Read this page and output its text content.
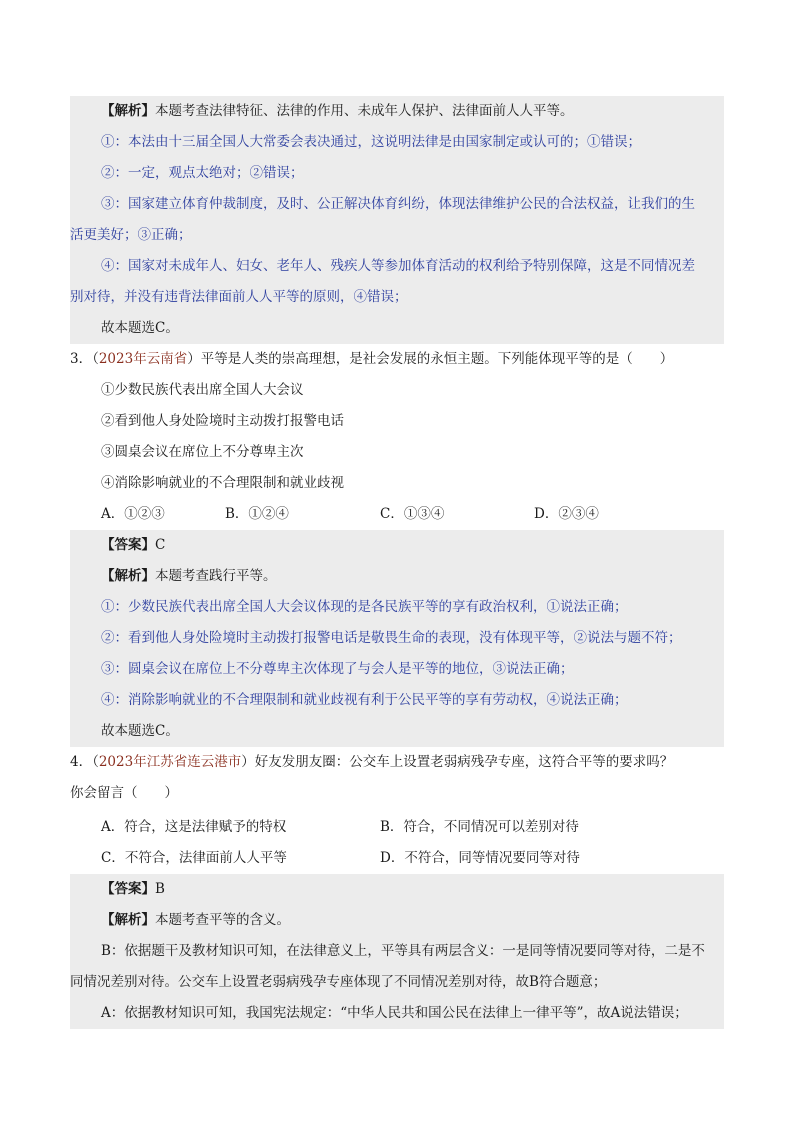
【解析】本题考查法律特征、法律的作用、未成年人保护、法律面前人人平等。
①：本法由十三届全国人大常委会表决通过，这说明法律是由国家制定或认可的；①错误；
②：一定，观点太绝对；②错误；
③：国家建立体育仲裁制度，及时、公正解决体育纠纷，体现法律维护公民的合法权益，让我们的生
活更美好；③正确；
④：国家对未成年人、妇女、老年人、残疾人等参加体育活动的权利给予特别保障，这是不同情况差
别对待，并没有违背法律面前人人平等的原则，④错误；
故本题选C。
3．（2023年云南省）平等是人类的崇高理想，是社会发展的永恒主题。下列能体现平等的是（　　）
①少数民族代表出席全国人大会议
②看到他人身处险境时主动拨打报警电话
③圆桌会议在席位上不分尊卑主次
④消除影响就业的不合理限制和就业歧视
A．①②③	B．①②④	C．①③④	D．②③④
【答案】C
【解析】本题考查践行平等。
①：少数民族代表出席全国人大会议体现的是各民族平等的享有政治权利，①说法正确；
②：看到他人身处险境时主动拨打报警电话是敬畏生命的表现，没有体现平等，②说法与题不符；
③：圆桌会议在席位上不分尊卑主次体现了与会人是平等的地位，③说法正确；
④：消除影响就业的不合理限制和就业歧视有利于公民平等的享有劳动权，④说法正确；
故本题选C。
4．（2023年江苏省连云港市）好友发朋友圈：公交车上设置老弱病残孕专座，这符合平等的要求吗？
你会留言（　　）
A．符合，这是法律赋予的特权	B．符合，不同情况可以差别对待
C．不符合，法律面前人人平等	D．不符合，同等情况要同等对待
【答案】B
【解析】本题考查平等的含义。
B：依据题干及教材知识可知，在法律意义上，平等具有两层含义：一是同等情况要同等对待，二是不
同情况差别对待。公交车上设置老弱病残孕专座体现了不同情况差别对待，故B符合题意；
A：依据教材知识可知，我国宪法规定：“中华人民共和国公民在法律上一律平等”，故A说法错误；
